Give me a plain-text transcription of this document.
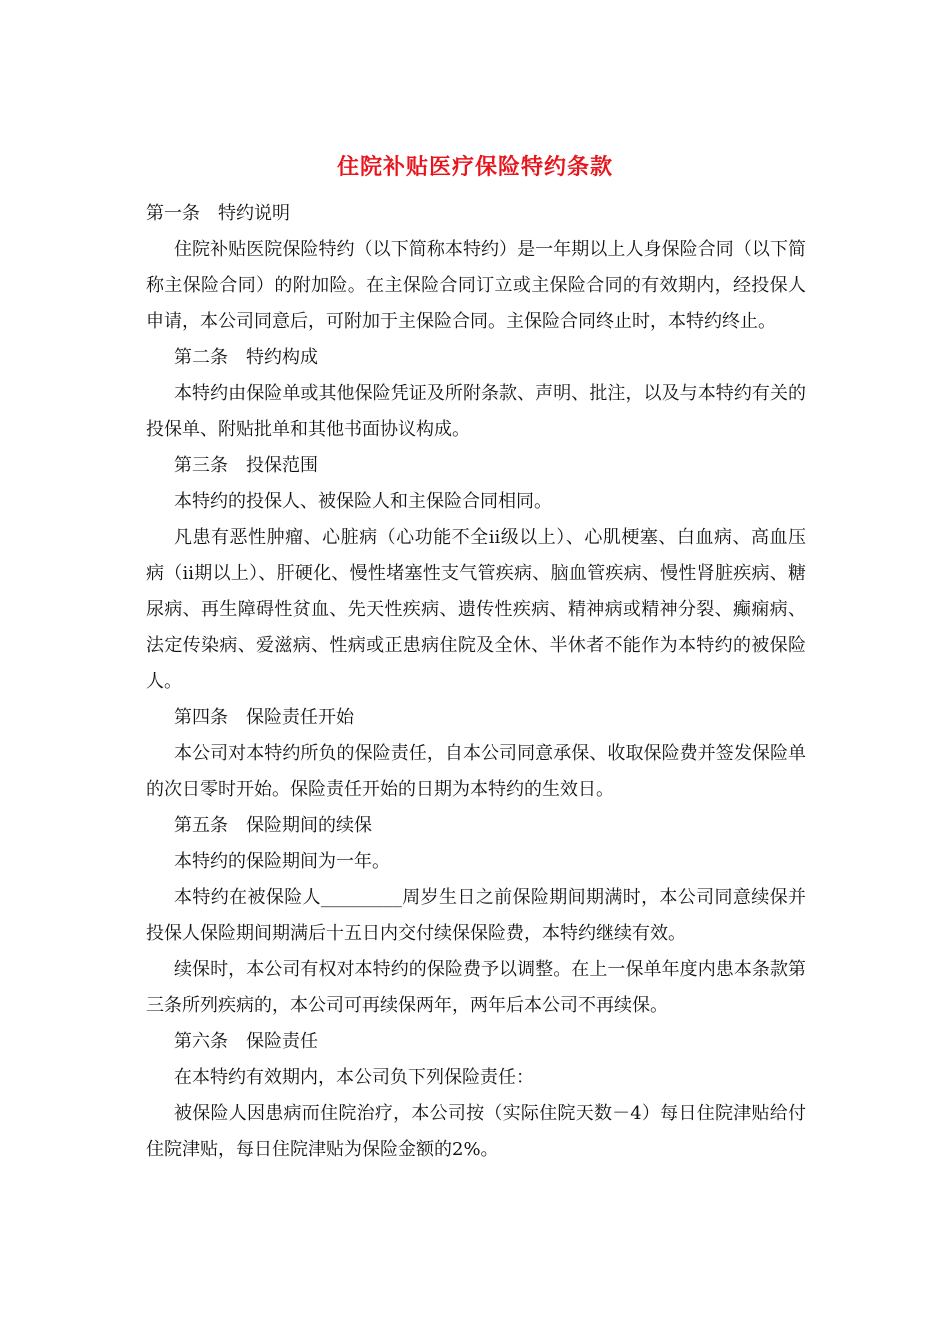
住院补贴医疗保险特约条款

第一条　特约说明

住院补贴医院保险特约（以下简称本特约）是一年期以上人身保险合同（以下简称主保险合同）的附加险。在主保险合同订立或主保险合同的有效期内，经投保人申请，本公司同意后，可附加于主保险合同。主保险合同终止时，本特约终止。

第二条　特约构成

本特约由保险单或其他保险凭证及所附条款、声明、批注，以及与本特约有关的投保单、附贴批单和其他书面协议构成。

第三条　投保范围

本特约的投保人、被保险人和主保险合同相同。

凡患有恶性肿瘤、心脏病（心功能不全ii级以上）、心肌梗塞、白血病、高血压病（ii期以上）、肝硬化、慢性堵塞性支气管疾病、脑血管疾病、慢性肾脏疾病、糖尿病、再生障碍性贫血、先天性疾病、遗传性疾病、精神病或精神分裂、癫痫病、法定传染病、爱滋病、性病或正患病住院及全休、半休者不能作为本特约的被保险人。

第四条　保险责任开始

本公司对本特约所负的保险责任，自本公司同意承保、收取保险费并签发保险单的次日零时开始。保险责任开始的日期为本特约的生效日。

第五条　保险期间的续保

本特约的保险期间为一年。

本特约在被保险人_________周岁生日之前保险期间期满时，本公司同意续保并投保人保险期间期满后十五日内交付续保保险费，本特约继续有效。

续保时，本公司有权对本特约的保险费予以调整。在上一保单年度内患本条款第三条所列疾病的，本公司可再续保两年，两年后本公司不再续保。

第六条　保险责任

在本特约有效期内，本公司负下列保险责任：

被保险人因患病而住院治疗，本公司按（实际住院天数－4）每日住院津贴给付住院津贴，每日住院津贴为保险金额的2%。
